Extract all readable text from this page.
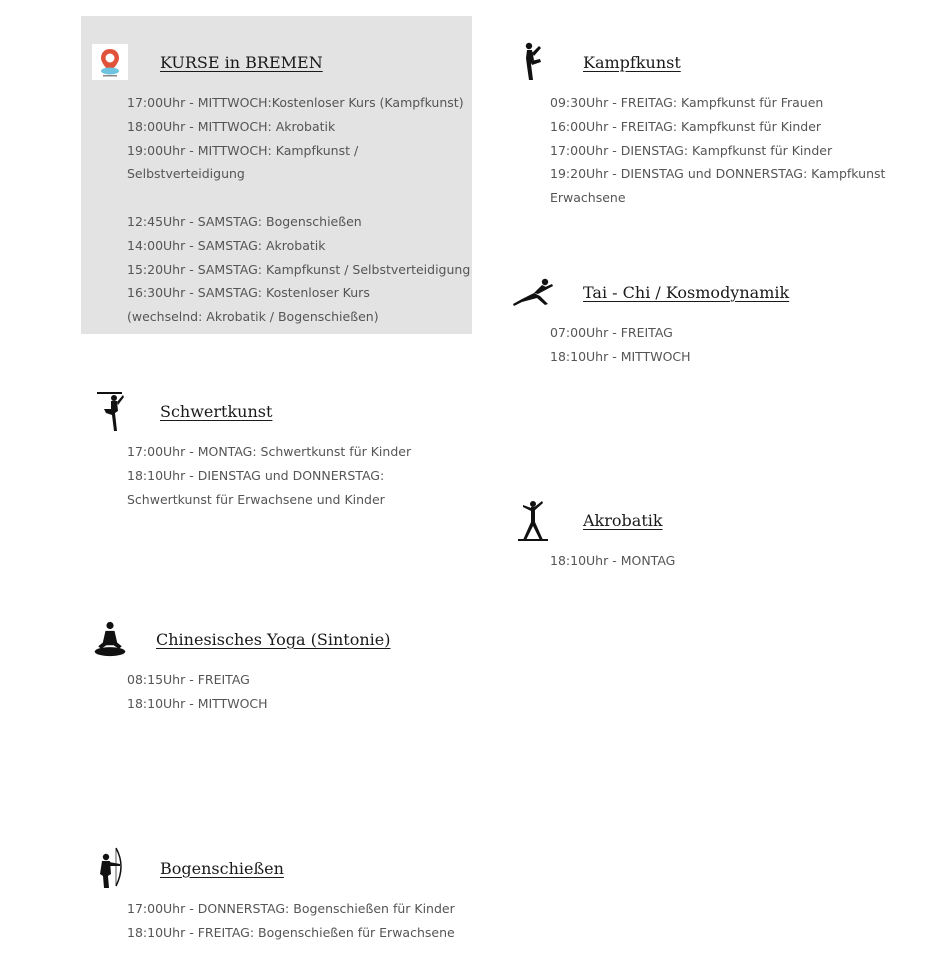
KURSE in BREMEN
17:00Uhr - MITTWOCH:Kostenloser Kurs (Kampfkunst)
18:00Uhr - MITTWOCH: Akrobatik
19:00Uhr - MITTWOCH: Kampfkunst / Selbstverteidigung
12:45Uhr - SAMSTAG: Bogenschießen
14:00Uhr - SAMSTAG: Akrobatik
15:20Uhr - SAMSTAG: Kampfkunst / Selbstverteidigung
16:30Uhr - SAMSTAG: Kostenloser Kurs (wechselnd: Akrobatik / Bogenschießen)
Kampfkunst
09:30Uhr - FREITAG: Kampfkunst für Frauen
16:00Uhr - FREITAG: Kampfkunst für Kinder
17:00Uhr - DIENSTAG: Kampfkunst für Kinder
19:20Uhr - DIENSTAG und DONNERSTAG: Kampfkunst Erwachsene
Tai - Chi / Kosmodynamik
07:00Uhr - FREITAG
18:10Uhr - MITTWOCH
Schwertkunst
17:00Uhr - MONTAG: Schwertkunst für Kinder
18:10Uhr - DIENSTAG und DONNERSTAG: Schwertkunst für Erwachsene und Kinder
Akrobatik
18:10Uhr - MONTAG
Chinesisches Yoga (Sintonie)
08:15Uhr - FREITAG
18:10Uhr - MITTWOCH
Bogenschießen
17:00Uhr - DONNERSTAG: Bogenschießen für Kinder
18:10Uhr - FREITAG: Bogenschießen für Erwachsene
